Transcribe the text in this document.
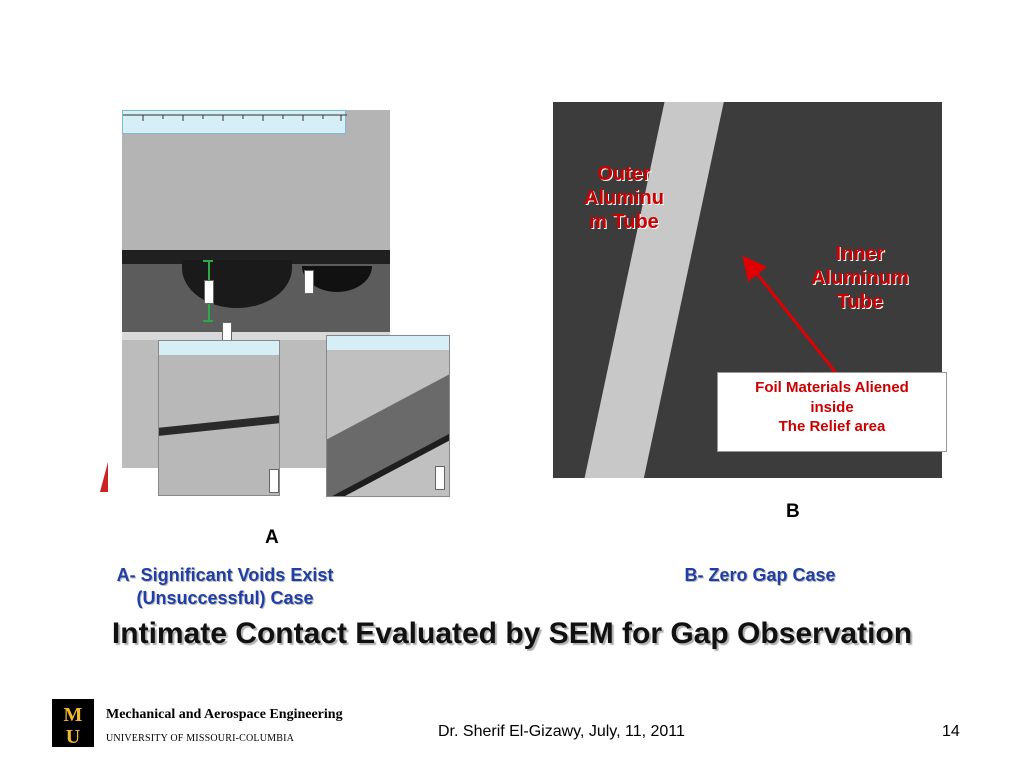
Outer
Aluminu
m Tube
Inner
Aluminum
Tube
Foil Materials Aliened
inside
The Relief area
A
B
A- Significant Voids Exist
(Unsuccessful) Case
B- Zero Gap Case
Intimate Contact Evaluated by SEM for Gap Observation
M
U
Mechanical and Aerospace Engineering
UNIVERSITY OF MISSOURI-COLUMBIA	Dr. Sherif El-Gizawy, July, 11, 2011	14
